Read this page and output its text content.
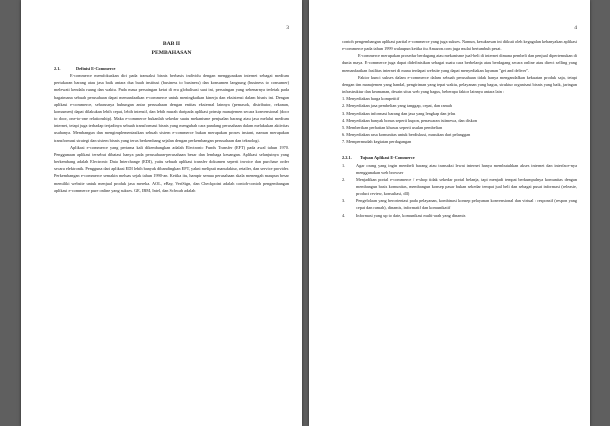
3
BAB II
PEMBAHASAN
2.1.	Definisi E-Commerce

E-commerce memfokuskan diri pada transaksi bisnis berbasis individu dengan menggunakan internet sebagai medium pertukaran barang atau jasa baik antara dua buah institusi (business to business) dan konsumen langsung (business to consumer) melewati kendala ruang dan waktu. Pada masa persaingan ketat di era globalisasi saat ini, persaingan yang sebenarnya terletak pada bagaimana sebuah perusahaan dapat memanfaatkan e-commerce untuk meningkatkan kinerja dan eksistensi dalam bisnis ini. Dengan aplikasi e-commerce, seharusnya hubungan antar perusahaan dengan entitas eksternal lainnya (pemasok, distributor, rekanan, konsumen) dapat dilakukan lebih cepat, lebih intensif, dan lebih murah daripada aplikasi prinsip manajemen secara konvensional (door to door, one-to-one relationship). Maka e-commerce bukanlah sekedar suatu mekanisme penjualan barang atau jasa melalui medium internet, tetapi juga terhadap terjadinya sebuah transformasi bisnis yang mengubah cara pandang perusahaan dalam melakukan aktivitas usahanya. Membangun dan mengimplementasikan sebuah sistem e-commerce bukan merupakan proses instant, namun merupakan transformasi strategi dan sistem bisnis yang terus berkembang sejalan dengan perkembangan perusahaan dan teknologi.

Aplikasi e-commerce yang pertama kali dikembangkan adalah Electronic Funds Transfer (EFT) pada awal tahun 1970. Penggunaan aplikasi tersebut dibatasi hanya pada perusahaan-perusahaan besar dan lembaga keuangan. Aplikasi selanjutnya yang berkembang adalah Electronic Data Interchange (EDI), yaitu sebuah aplikasi transfer dokumen seperti invoice dan purchase order secara elektronik. Pengguna dari aplikasi EDI lebih banyak dibandingkan EFT, yakni meliputi manufaktur, retailer, dan service provider. Perkembangan e-commerce semakin meluas sejak tahun 1990-an. Ketika itu, hampir semua perusahaan skala menengah maupun besar memiliki website untuk menjual produk jasa mereka. AOL, eBay, VeriSign, dan Checkpoint adalah contoh-contoh pengembangan aplikasi e-commerce pure online yang sukses. GE, IBM, Intel, dan Schwab adalah

4

contoh pengembangan aplikasi partial e-commerce yang juga sukses. Namun, kesuksesan ini diikuti oleh kegagalan kebanyakan aplikasi e-commerce pada tahun 1999 walaupun ketika itu Amazon.com juga mulai bertumbuh pesat.

E-commerce merupakan prosedur berdagang atau mekanisme jual-beli di internet dimana pembeli dan penjual dipertemukan di dunia maya. E-commerce juga dapat didefinisikan sebagai suatu cara berbelanja atau berdagang secara online atau direct selling yang memanfaatkan fasilitas internet di mana terdapat website yang dapat menyediakan layanan "get and deliver".

Faktor kunci sukses dalam e-commerce dalam sebuah perusahaan tidak hanya mengandalkan kekuatan produk saja, tetapi dengan tim manajemen yang handal, pengiriman yang tepat waktu, pelayanan yang bagus, struktur organisasi bisnis yang baik, jaringan infrastruktur dan keamanan, desain situs web yang bagus, beberapa faktor lainnya antara lain :

1. Menyediakan harga kompetitif
2. Menyediakan jasa pembelian yang tanggap, cepat, dan ramah
3. Menyediakan informasi barang dan jasa yang lengkap dan jelas
4. Menyediakan banyak bonus seperti kupon, penawaran istimewa, dan diskon
5. Memberikan perhatian khusus seperti usulan pembelian
6. Menyediakan rasa komunitas untuk berdiskusi, masukan dari pelanggan
7. Mempermudah kegiatan perdagangan
2.2.1. Tujuan Aplikasi E-Commerce
1.	Agar orang yang ingin membeli barang atau transaksi lewat internet hanya membutuhkan akses internet dan interface-nya menggunakan web browser
2.	Menjadikan portal e-commerce / e-shop tidak sekedar portal belanja, tapi menjadi tempat berkumpulnya komunitas dengan membangun basis komunitas, membangun konsep pasar bukan sekedar tempat jual beli dan sebagai pusat informasi (releasie, product review, konsultasi, dll)
3.	Pengelolaan yang berorientasi pada pelayanan, kombinasi konsep pelayanan konvensional dan virtual : responsif (respon yang cepat dan ramah), dinamis, informatif dan komunikatif
4.	Informasi yang up to date, komunikasi multi-arah yang dinamis
